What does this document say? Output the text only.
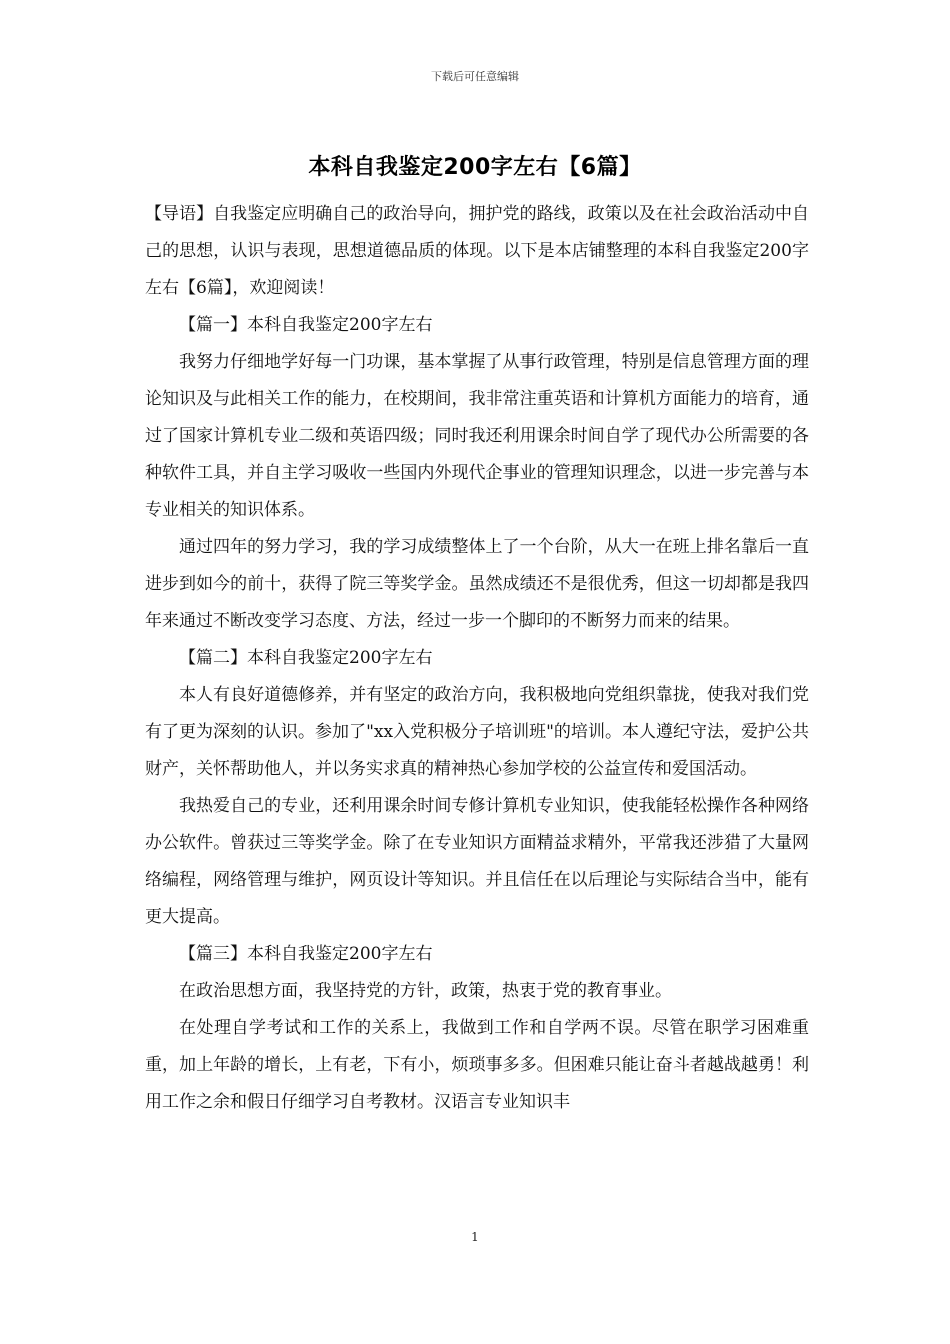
下载后可任意编辑
本科自我鉴定200字左右【6篇】

【导语】自我鉴定应明确自己的政治导向，拥护党的路线，政策以及在社会政治活动中自己的思想，认识与表现，思想道德品质的体现。以下是本店铺整理的本科自我鉴定200字左右【6篇】，欢迎阅读！

【篇一】本科自我鉴定200字左右

我努力仔细地学好每一门功课，基本掌握了从事行政管理，特别是信息管理方面的理论知识及与此相关工作的能力，在校期间，我非常注重英语和计算机方面能力的培育，通过了国家计算机专业二级和英语四级；同时我还利用课余时间自学了现代办公所需要的各种软件工具，并自主学习吸收一些国内外现代企事业的管理知识理念，以进一步完善与本专业相关的知识体系。

通过四年的努力学习，我的学习成绩整体上了一个台阶，从大一在班上排名靠后一直进步到如今的前十，获得了院三等奖学金。虽然成绩还不是很优秀，但这一切却都是我四年来通过不断改变学习态度、方法，经过一步一个脚印的不断努力而来的结果。

【篇二】本科自我鉴定200字左右

本人有良好道德修养，并有坚定的政治方向，我积极地向党组织靠拢，使我对我们党有了更为深刻的认识。参加了"xx入党积极分子培训班"的培训。本人遵纪守法，爱护公共财产，关怀帮助他人，并以务实求真的精神热心参加学校的公益宣传和爱国活动。

我热爱自己的专业，还利用课余时间专修计算机专业知识，使我能轻松操作各种网络办公软件。曾获过三等奖学金。除了在专业知识方面精益求精外，平常我还涉猎了大量网络编程，网络管理与维护，网页设计等知识。并且信任在以后理论与实际结合当中，能有更大提高。

【篇三】本科自我鉴定200字左右

在政治思想方面，我坚持党的方针，政策，热衷于党的教育事业。

在处理自学考试和工作的关系上，我做到工作和自学两不误。尽管在职学习困难重重，加上年龄的增长，上有老，下有小，烦琐事多多。但困难只能让奋斗者越战越勇！利用工作之余和假日仔细学习自考教材。汉语言专业知识丰

1
